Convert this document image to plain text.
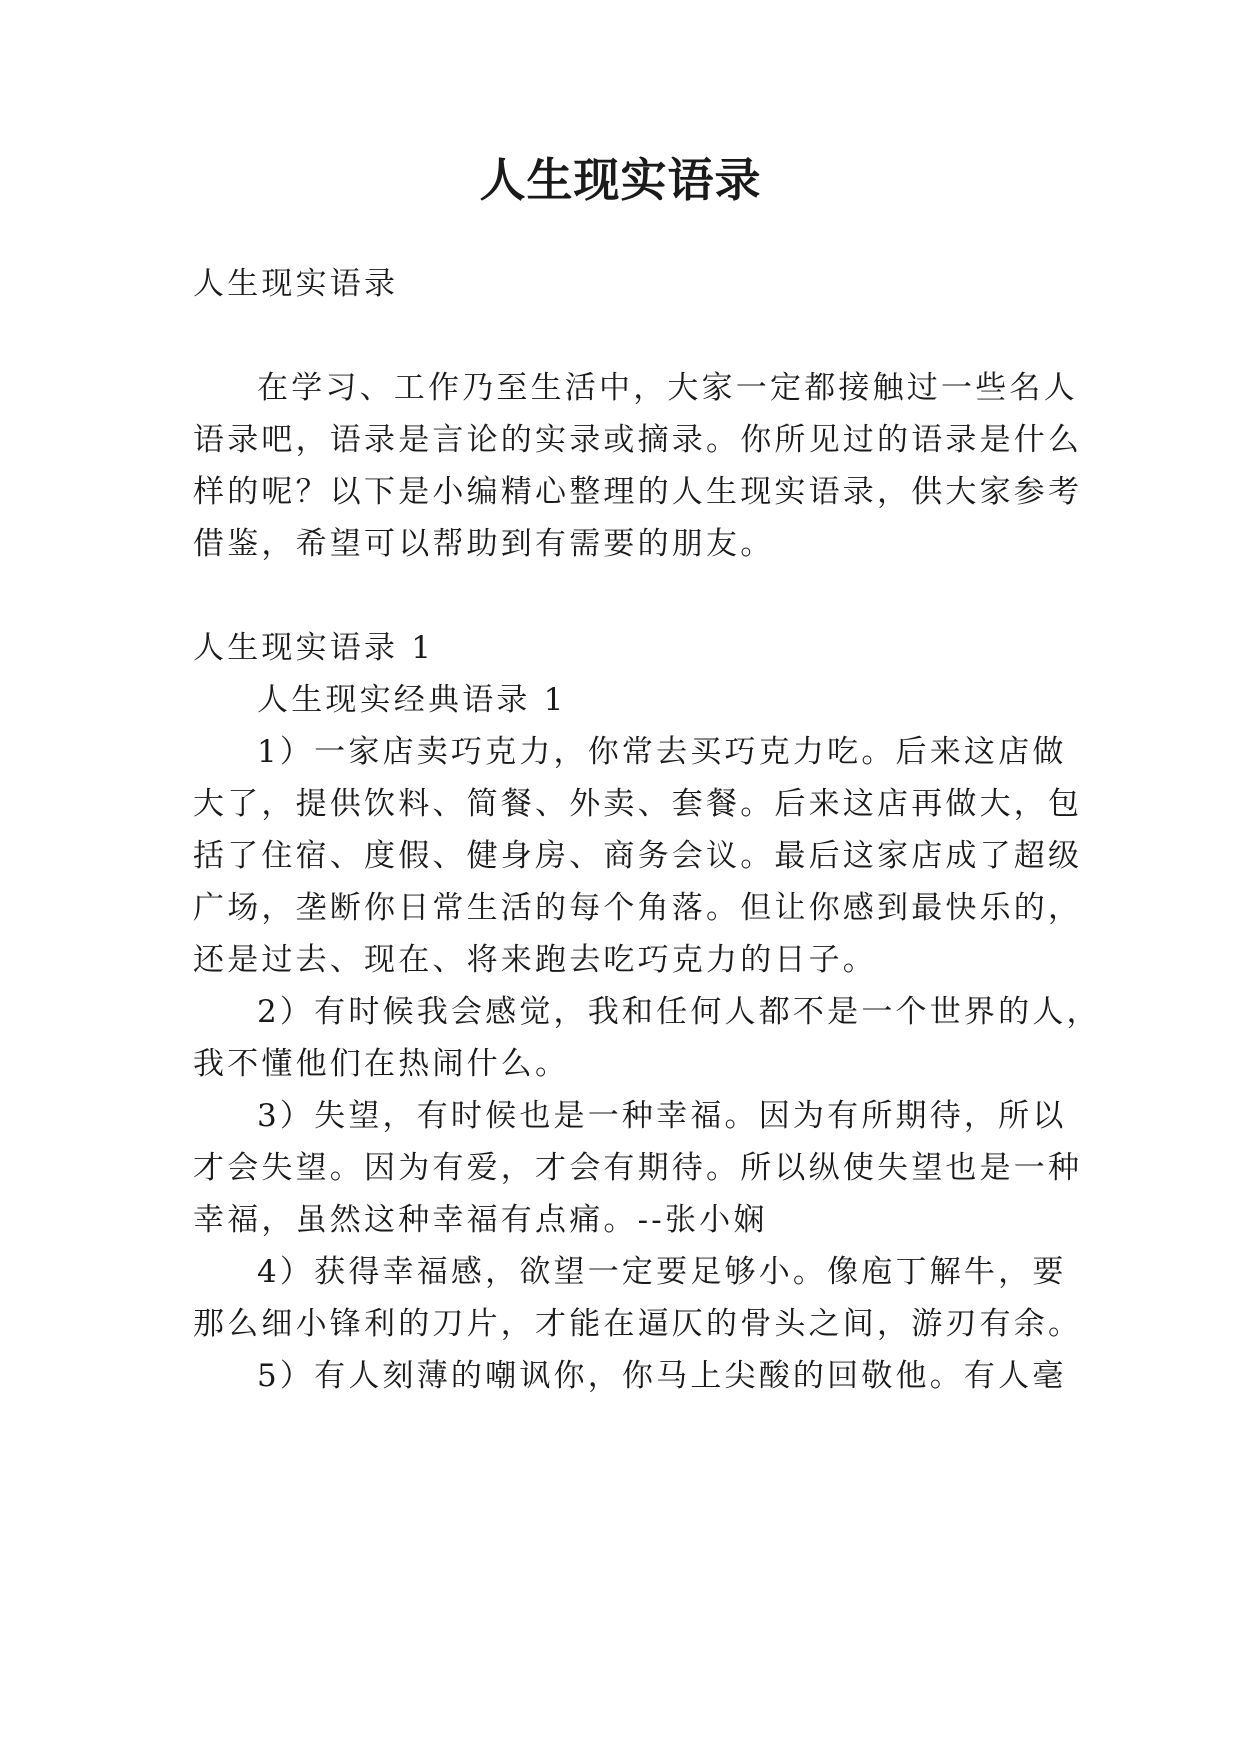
人生现实语录

人生现实语录

在学习、工作乃至生活中，大家一定都接触过一些名人

语录吧，语录是言论的实录或摘录。你所见过的语录是什么

样的呢？以下是小编精心整理的人生现实语录，供大家参考

借鉴，希望可以帮助到有需要的朋友。

人生现实语录 1

人生现实经典语录 1

1）一家店卖巧克力，你常去买巧克力吃。后来这店做

大了，提供饮料、简餐、外卖、套餐。后来这店再做大，包

括了住宿、度假、健身房、商务会议。最后这家店成了超级

广场，垄断你日常生活的每个角落。但让你感到最快乐的，

还是过去、现在、将来跑去吃巧克力的日子。

2）有时候我会感觉，我和任何人都不是一个世界的人，

我不懂他们在热闹什么。

3）失望，有时候也是一种幸福。因为有所期待，所以

才会失望。因为有爱，才会有期待。所以纵使失望也是一种

幸福，虽然这种幸福有点痛。--张小娴

4）获得幸福感，欲望一定要足够小。像庖丁解牛，要

那么细小锋利的刀片，才能在逼仄的骨头之间，游刃有余。

5）有人刻薄的嘲讽你，你马上尖酸的回敬他。有人毫
